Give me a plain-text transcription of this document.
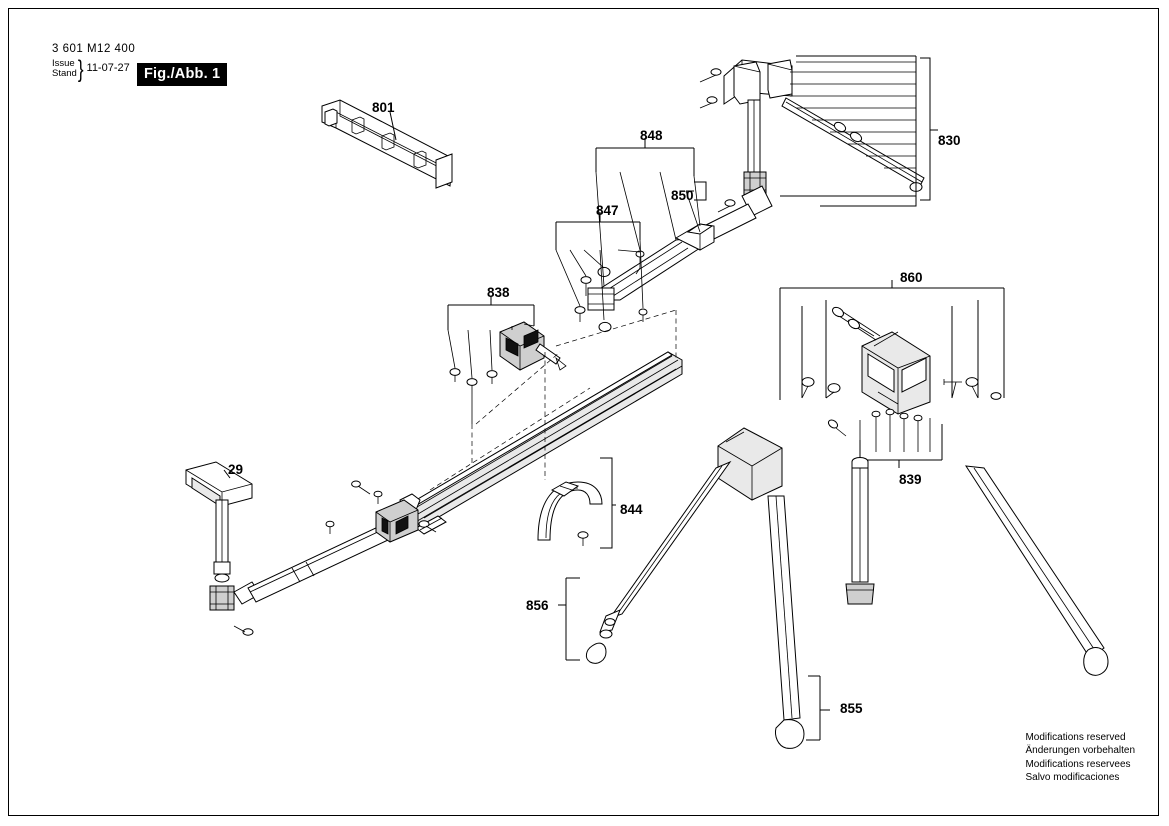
3 601 M12 400
Issue
Stand } 11-07-27 Fig./Abb. 1
801
848
850
830
847
860
838
839
29
844
856
855
Modifications reserved
Änderungen vorbehalten
Modifications reservees
Salvo modificaciones
